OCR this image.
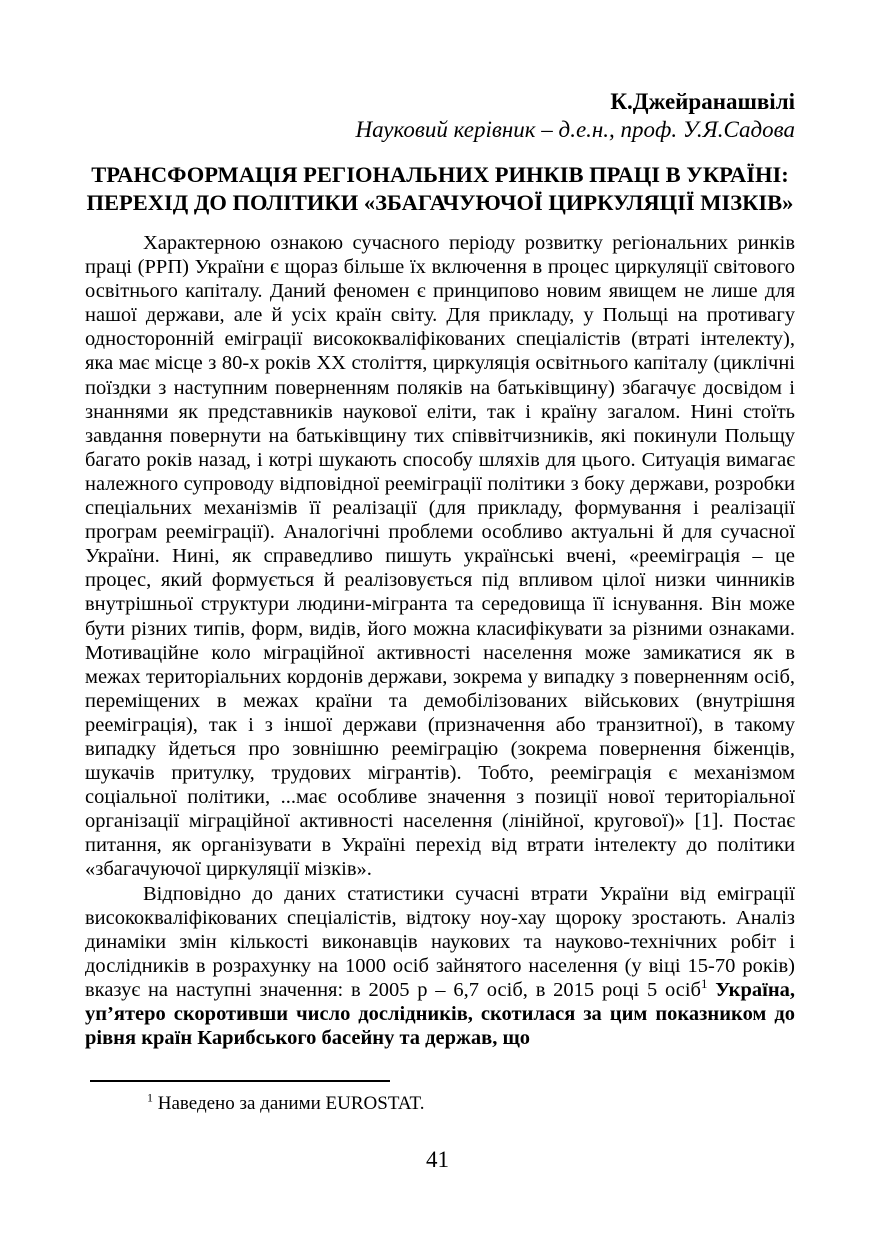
К.Джейранашвілі
Науковий керівник – д.е.н., проф. У.Я.Садова
ТРАНСФОРМАЦІЯ РЕГІОНАЛЬНИХ РИНКІВ ПРАЦІ В УКРАЇНІ:
ПЕРЕХІД ДО ПОЛІТИКИ «ЗБАГАЧУЮЧОЇ ЦИРКУЛЯЦІЇ МІЗКІВ»

Характерною ознакою сучасного періоду розвитку регіональних ринків праці (РРП) України є щораз більше їх включення в процес циркуляції світового освітнього капіталу. Даний феномен є принципово новим явищем не лише для нашої держави, але й усіх країн світу. Для прикладу, у Польщі на противагу односторонній еміграції висококваліфікованих спеціалістів (втраті інтелекту), яка має місце з 80-х років ХХ століття, циркуляція освітнього капіталу (циклічні поїздки з наступним поверненням поляків на батьківщину) збагачує досвідом і знаннями як представників наукової еліти, так і країну загалом. Нині стоїть завдання повернути на батьківщину тих співвітчизників, які покинули Польщу багато років назад, і котрі шукають способу шляхів для цього. Ситуація вимагає належного супроводу відповідної рееміграції політики з боку держави, розробки спеціальних механізмів її реалізації (для прикладу, формування і реалізації програм рееміграції). Аналогічні проблеми особливо актуальні й для сучасної України. Нині, як справедливо пишуть українські вчені, «рееміграція – це процес, який формується й реалізовується під впливом цілої низки чинників внутрішньої структури людини-мігранта та середовища її існування. Він може бути різних типів, форм, видів, його можна класифікувати за різними ознаками. Мотиваційне коло міграційної активності населення може замикатися як в межах територіальних кордонів держави, зокрема у випадку з поверненням осіб, переміщених в межах країни та демобілізованих військових (внутрішня рееміграція), так і з іншої держави (призначення або транзитної), в такому випадку йдеться про зовнішню рееміграцію (зокрема повернення біженців, шукачів притулку, трудових мігрантів). Тобто, рееміграція є механізмом соціальної політики, ...має особливе значення з позиції нової територіальної організації міграційної активності населення (лінійної, кругової)» [1]. Постає питання, як організувати в Україні перехід від втрати інтелекту до політики «збагачуючої циркуляції мізків».

Відповідно до даних статистики сучасні втрати України від еміграції висококваліфікованих спеціалістів, відтоку ноу-хау щороку зростають. Аналіз динаміки змін кількості виконавців наукових та науково-технічних робіт і дослідників в розрахунку на 1000 осіб зайнятого населення (у віці 15-70 років) вказує на наступні значення: в 2005 р – 6,7 осіб, в 2015 році 5 осіб$^1$ Україна, уп’ятеро скоротивши число дослідників, скотилася за цим показником до рівня країн Карибського басейну та держав, що

$^1$ Наведено за даними EUROSTAT.
41
